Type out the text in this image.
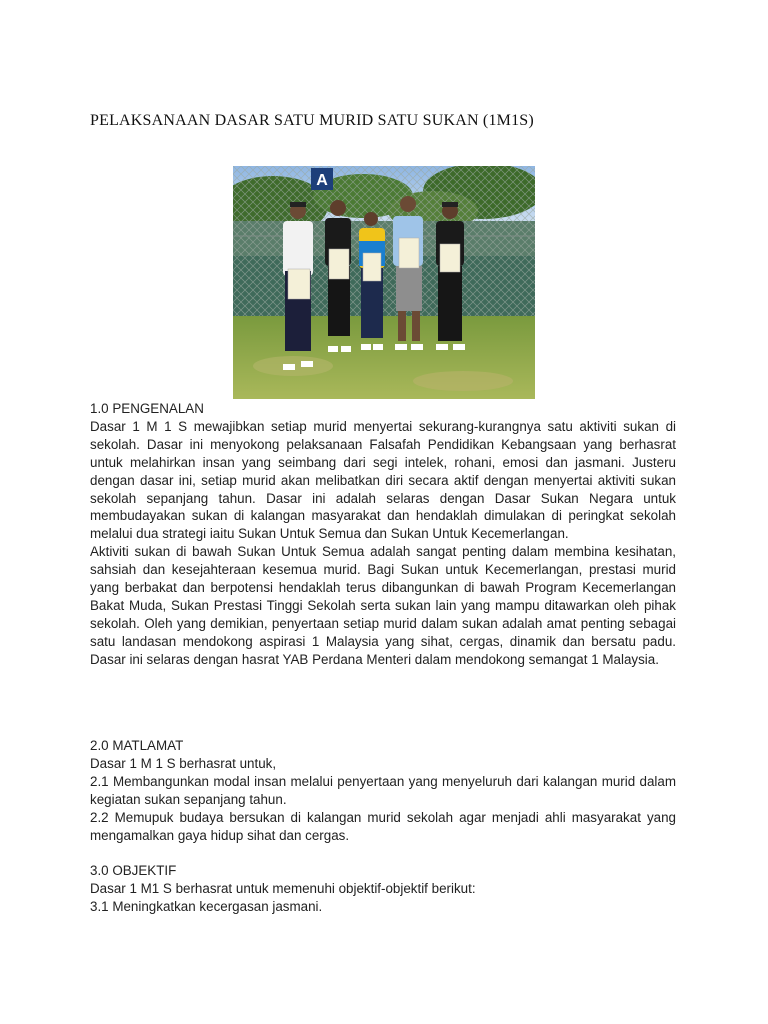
PELAKSANAAN DASAR SATU MURID SATU SUKAN (1M1S)
A

1.0 PENGENALAN

Dasar 1 M 1 S mewajibkan setiap murid menyertai sekurang-kurangnya satu aktiviti sukan di sekolah. Dasar ini menyokong pelaksanaan Falsafah Pendidikan Kebangsaan yang berhasrat untuk melahirkan insan yang seimbang dari segi intelek, rohani, emosi dan jasmani. Justeru dengan dasar ini, setiap murid akan melibatkan diri secara aktif dengan menyertai aktiviti sukan sekolah sepanjang tahun. Dasar ini adalah selaras dengan Dasar Sukan Negara untuk membudayakan sukan di kalangan masyarakat dan hendaklah dimulakan di peringkat sekolah melalui dua strategi iaitu Sukan Untuk Semua dan Sukan Untuk Kecemerlangan.

Aktiviti sukan di bawah Sukan Untuk Semua adalah sangat penting dalam membina kesihatan, sahsiah dan kesejahteraan kesemua murid. Bagi Sukan untuk Kecemerlangan, prestasi murid yang berbakat dan berpotensi hendaklah terus dibangunkan di bawah Program Kecemerlangan Bakat Muda, Sukan Prestasi Tinggi Sekolah serta sukan lain yang mampu ditawarkan oleh pihak sekolah. Oleh yang demikian, penyertaan setiap murid dalam sukan adalah amat penting sebagai satu landasan mendokong aspirasi 1 Malaysia yang sihat, cergas, dinamik dan bersatu padu. Dasar ini selaras dengan hasrat YAB Perdana Menteri dalam mendokong semangat 1 Malaysia.

2.0 MATLAMAT

Dasar 1 M 1 S berhasrat untuk,

2.1 Membangunkan modal insan melalui penyertaan yang menyeluruh dari kalangan murid dalam kegiatan sukan sepanjang tahun.

2.2 Memupuk budaya bersukan di kalangan murid sekolah agar menjadi ahli masyarakat yang mengamalkan gaya hidup sihat dan cergas.

3.0 OBJEKTIF

Dasar 1 M1 S berhasrat untuk memenuhi objektif-objektif berikut:

3.1 Meningkatkan kecergasan jasmani.
